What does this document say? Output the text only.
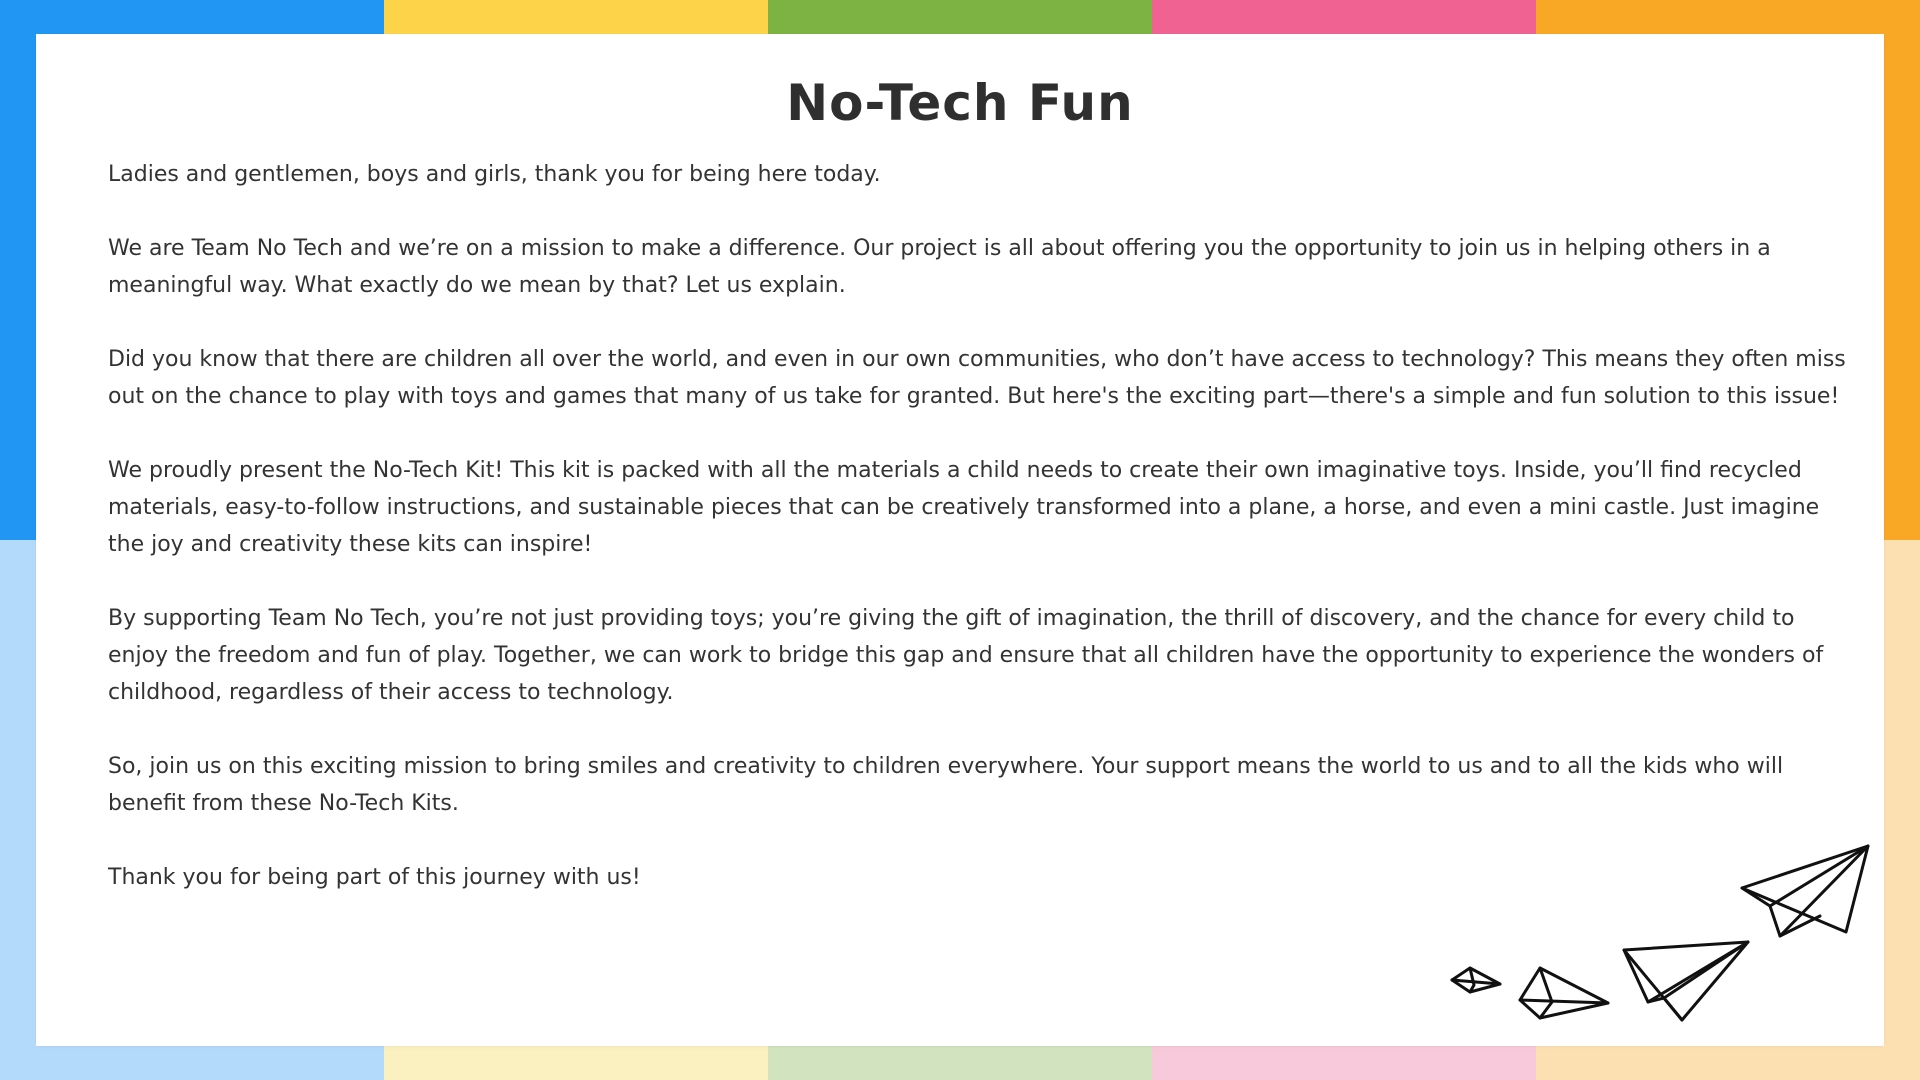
No-Tech Fun

Ladies and gentlemen, boys and girls, thank you for being here today.

We are Team No Tech and we’re on a mission to make a difference. Our project is all about offering you the opportunity to join us in helping others in a meaningful way. What exactly do we mean by that? Let us explain.

Did you know that there are children all over the world, and even in our own communities, who don’t have access to technology? This means they often miss out on the chance to play with toys and games that many of us take for granted. But here's the exciting part—there's a simple and fun solution to this issue!

We proudly present the No-Tech Kit! This kit is packed with all the materials a child needs to create their own imaginative toys. Inside, you’ll find recycled materials, easy-to-follow instructions, and sustainable pieces that can be creatively transformed into a plane, a horse, and even a mini castle. Just imagine the joy and creativity these kits can inspire!

By supporting Team No Tech, you’re not just providing toys; you’re giving the gift of imagination, the thrill of discovery, and the chance for every child to enjoy the freedom and fun of play. Together, we can work to bridge this gap and ensure that all children have the opportunity to experience the wonders of childhood, regardless of their access to technology.

So, join us on this exciting mission to bring smiles and creativity to children everywhere. Your support means the world to us and to all the kids who will benefit from these No-Tech Kits.

Thank you for being part of this journey with us!
